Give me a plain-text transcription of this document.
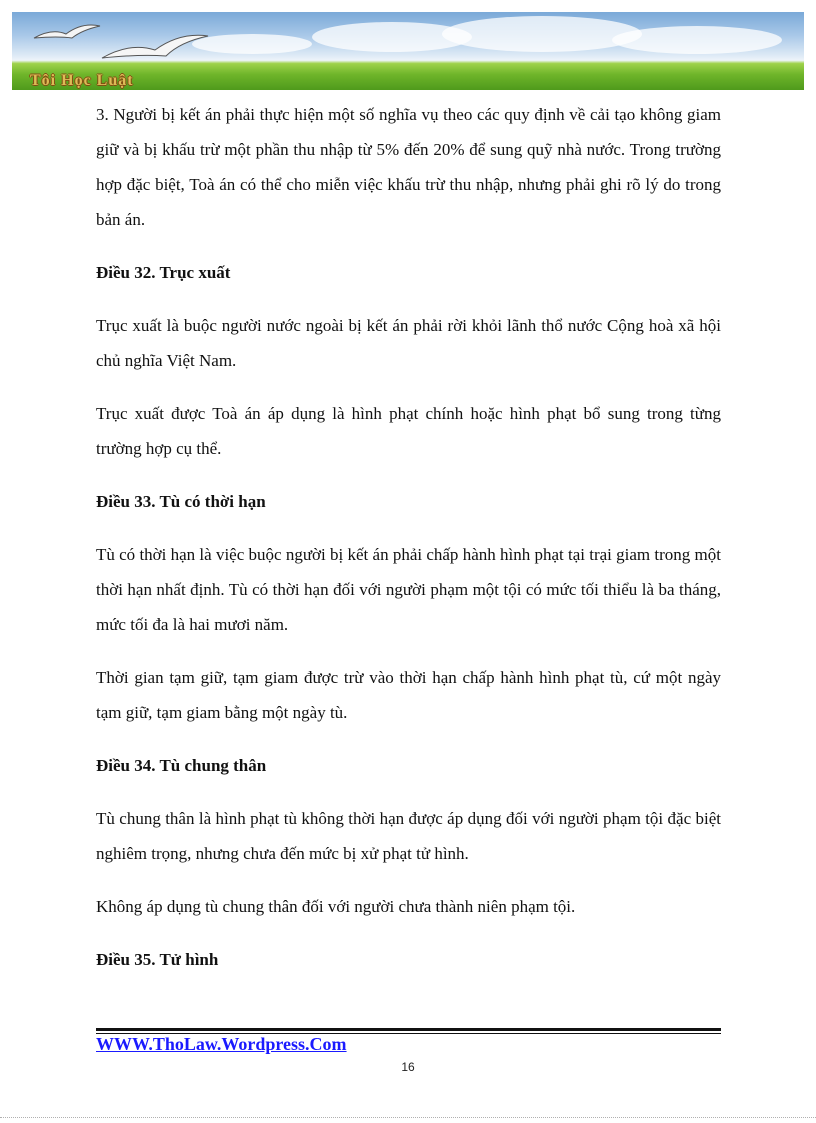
Tôi Học Luật

3. Người bị kết án phải thực hiện một số nghĩa vụ theo các quy định về cải tạo không giam giữ và bị khấu trừ một phần thu nhập từ 5% đến 20% để sung quỹ nhà nước. Trong trường hợp đặc biệt, Toà án có thể cho miễn việc khấu trừ thu nhập, nhưng phải ghi rõ lý do trong bản án.

Điều 32. Trục xuất

Trục xuất là buộc người nước ngoài bị kết án phải rời khỏi lãnh thổ nước Cộng hoà xã hội chủ nghĩa Việt Nam.

Trục xuất được Toà án áp dụng là hình phạt chính hoặc hình phạt bổ sung trong từng trường hợp cụ thể.

Điều 33. Tù có thời hạn

Tù có thời hạn là việc buộc người bị kết án phải chấp hành hình phạt tại trại giam trong một thời hạn nhất định. Tù có thời hạn đối với người phạm một tội có mức tối thiểu là ba tháng, mức tối đa là hai mươi năm.

Thời gian tạm giữ, tạm giam được trừ vào thời hạn chấp hành hình phạt tù, cứ một ngày tạm giữ, tạm giam bằng một ngày tù.

Điều 34. Tù chung thân

Tù chung thân là hình phạt tù không thời hạn được áp dụng đối với người phạm tội đặc biệt nghiêm trọng, nhưng chưa đến mức bị xử phạt tử hình.

Không áp dụng tù chung thân đối với người chưa thành niên phạm tội.

Điều 35. Tử hình

WWW.ThoLaw.Wordpress.Com
16
